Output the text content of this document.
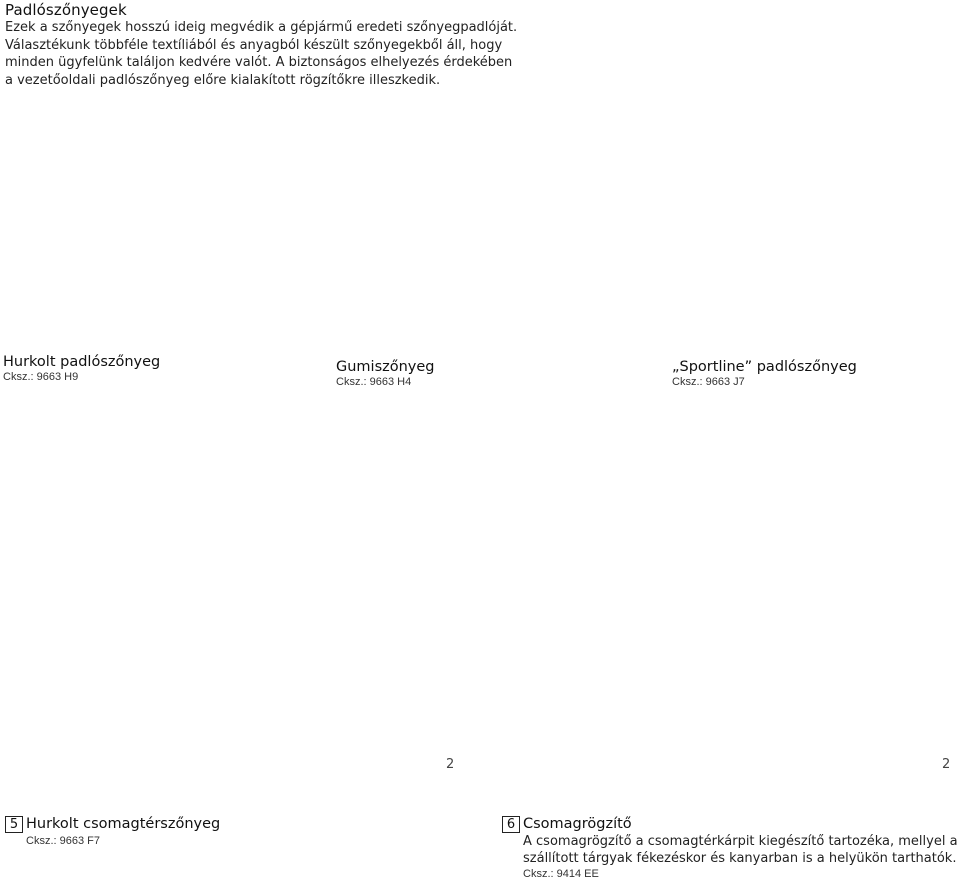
Padlószőnyegek
Ezek a szőnyegek hosszú ideig megvédik a gépjármű eredeti szőnyegpadlóját.
Választékunk többféle textíliából és anyagból készült szőnyegekből áll, hogy
minden ügyfelünk találjon kedvére valót. A biztonságos elhelyezés érdekében
a vezetőoldali padlószőnyeg előre kialakított rögzítőkre illeszkedik.
Hurkolt padlószőnyeg
Cksz.: 9663 H9
Gumiszőnyeg
Cksz.: 9663 H4
„Sportline” padlószőnyeg
Cksz.: 9663 J7
2	2
5 Hurkolt csomagtérszőnyeg
Cksz.: 9663 F7
6 Csomagrögzítő
A csomagrögzítő a csomagtérkárpit kiegészítő tartozéka, mellyel a
szállított tárgyak fékezéskor és kanyarban is a helyükön tarthatók.
Cksz.: 9414 EE
